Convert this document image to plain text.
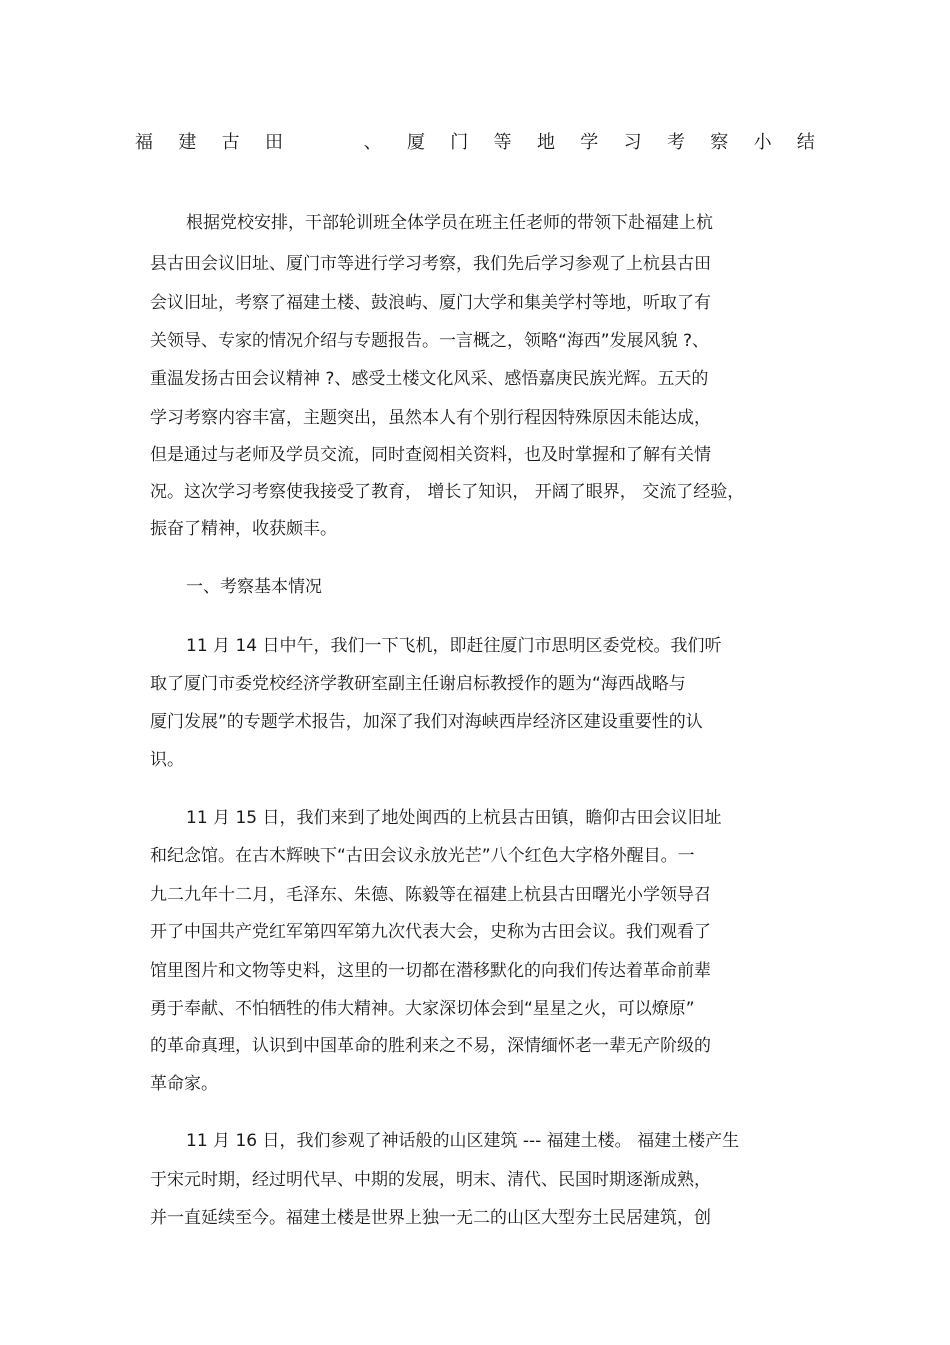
福 建 古 田	、 厦 门 等 地 学 习 考 察 小 结
根据党校安排，干部轮训班全体学员在班主任老师的带领下赴福建上杭
县古田会议旧址、厦门市等进行学习考察，我们先后学习参观了上杭县古田
会议旧址，考察了福建土楼、鼓浪屿、厦门大学和集美学村等地，听取了有
关领导、专家的情况介绍与专题报告。一言概之，领略“海西”发展风貌 ?、
重温发扬古田会议精神 ?、感受土楼文化风采、感悟嘉庚民族光辉。五天的
学习考察内容丰富，主题突出，虽然本人有个别行程因特殊原因未能达成，
但是通过与老师及学员交流，同时查阅相关资料，也及时掌握和了解有关情
况。这次学习考察使我接受了教育， 增长了知识， 开阔了眼界， 交流了经验，
振奋了精神，收获颇丰。
一、考察基本情况
11 月 14 日中午，我们一下飞机，即赶往厦门市思明区委党校。我们听
取了厦门市委党校经济学教研室副主任谢启标教授作的题为“海西战略与
厦门发展”的专题学术报告，加深了我们对海峡西岸经济区建设重要性的认
识。
11 月 15 日，我们来到了地处闽西的上杭县古田镇，瞻仰古田会议旧址
和纪念馆。在古木辉映下“古田会议永放光芒”八个红色大字格外醒目。一
九二九年十二月，毛泽东、朱德、陈毅等在福建上杭县古田曙光小学领导召
开了中国共产党红军第四军第九次代表大会，史称为古田会议。我们观看了
馆里图片和文物等史料，这里的一切都在潜移默化的向我们传达着革命前辈
勇于奉献、不怕牺牲的伟大精神。大家深切体会到“星星之火，可以燎原”
的革命真理，认识到中国革命的胜利来之不易，深情缅怀老一辈无产阶级的
革命家。
11 月 16 日，我们参观了神话般的山区建筑 --- 福建土楼。 福建土楼产生
于宋元时期，经过明代早、中期的发展，明末、清代、民国时期逐渐成熟，
并一直延续至今。福建土楼是世界上独一无二的山区大型夯土民居建筑，创
